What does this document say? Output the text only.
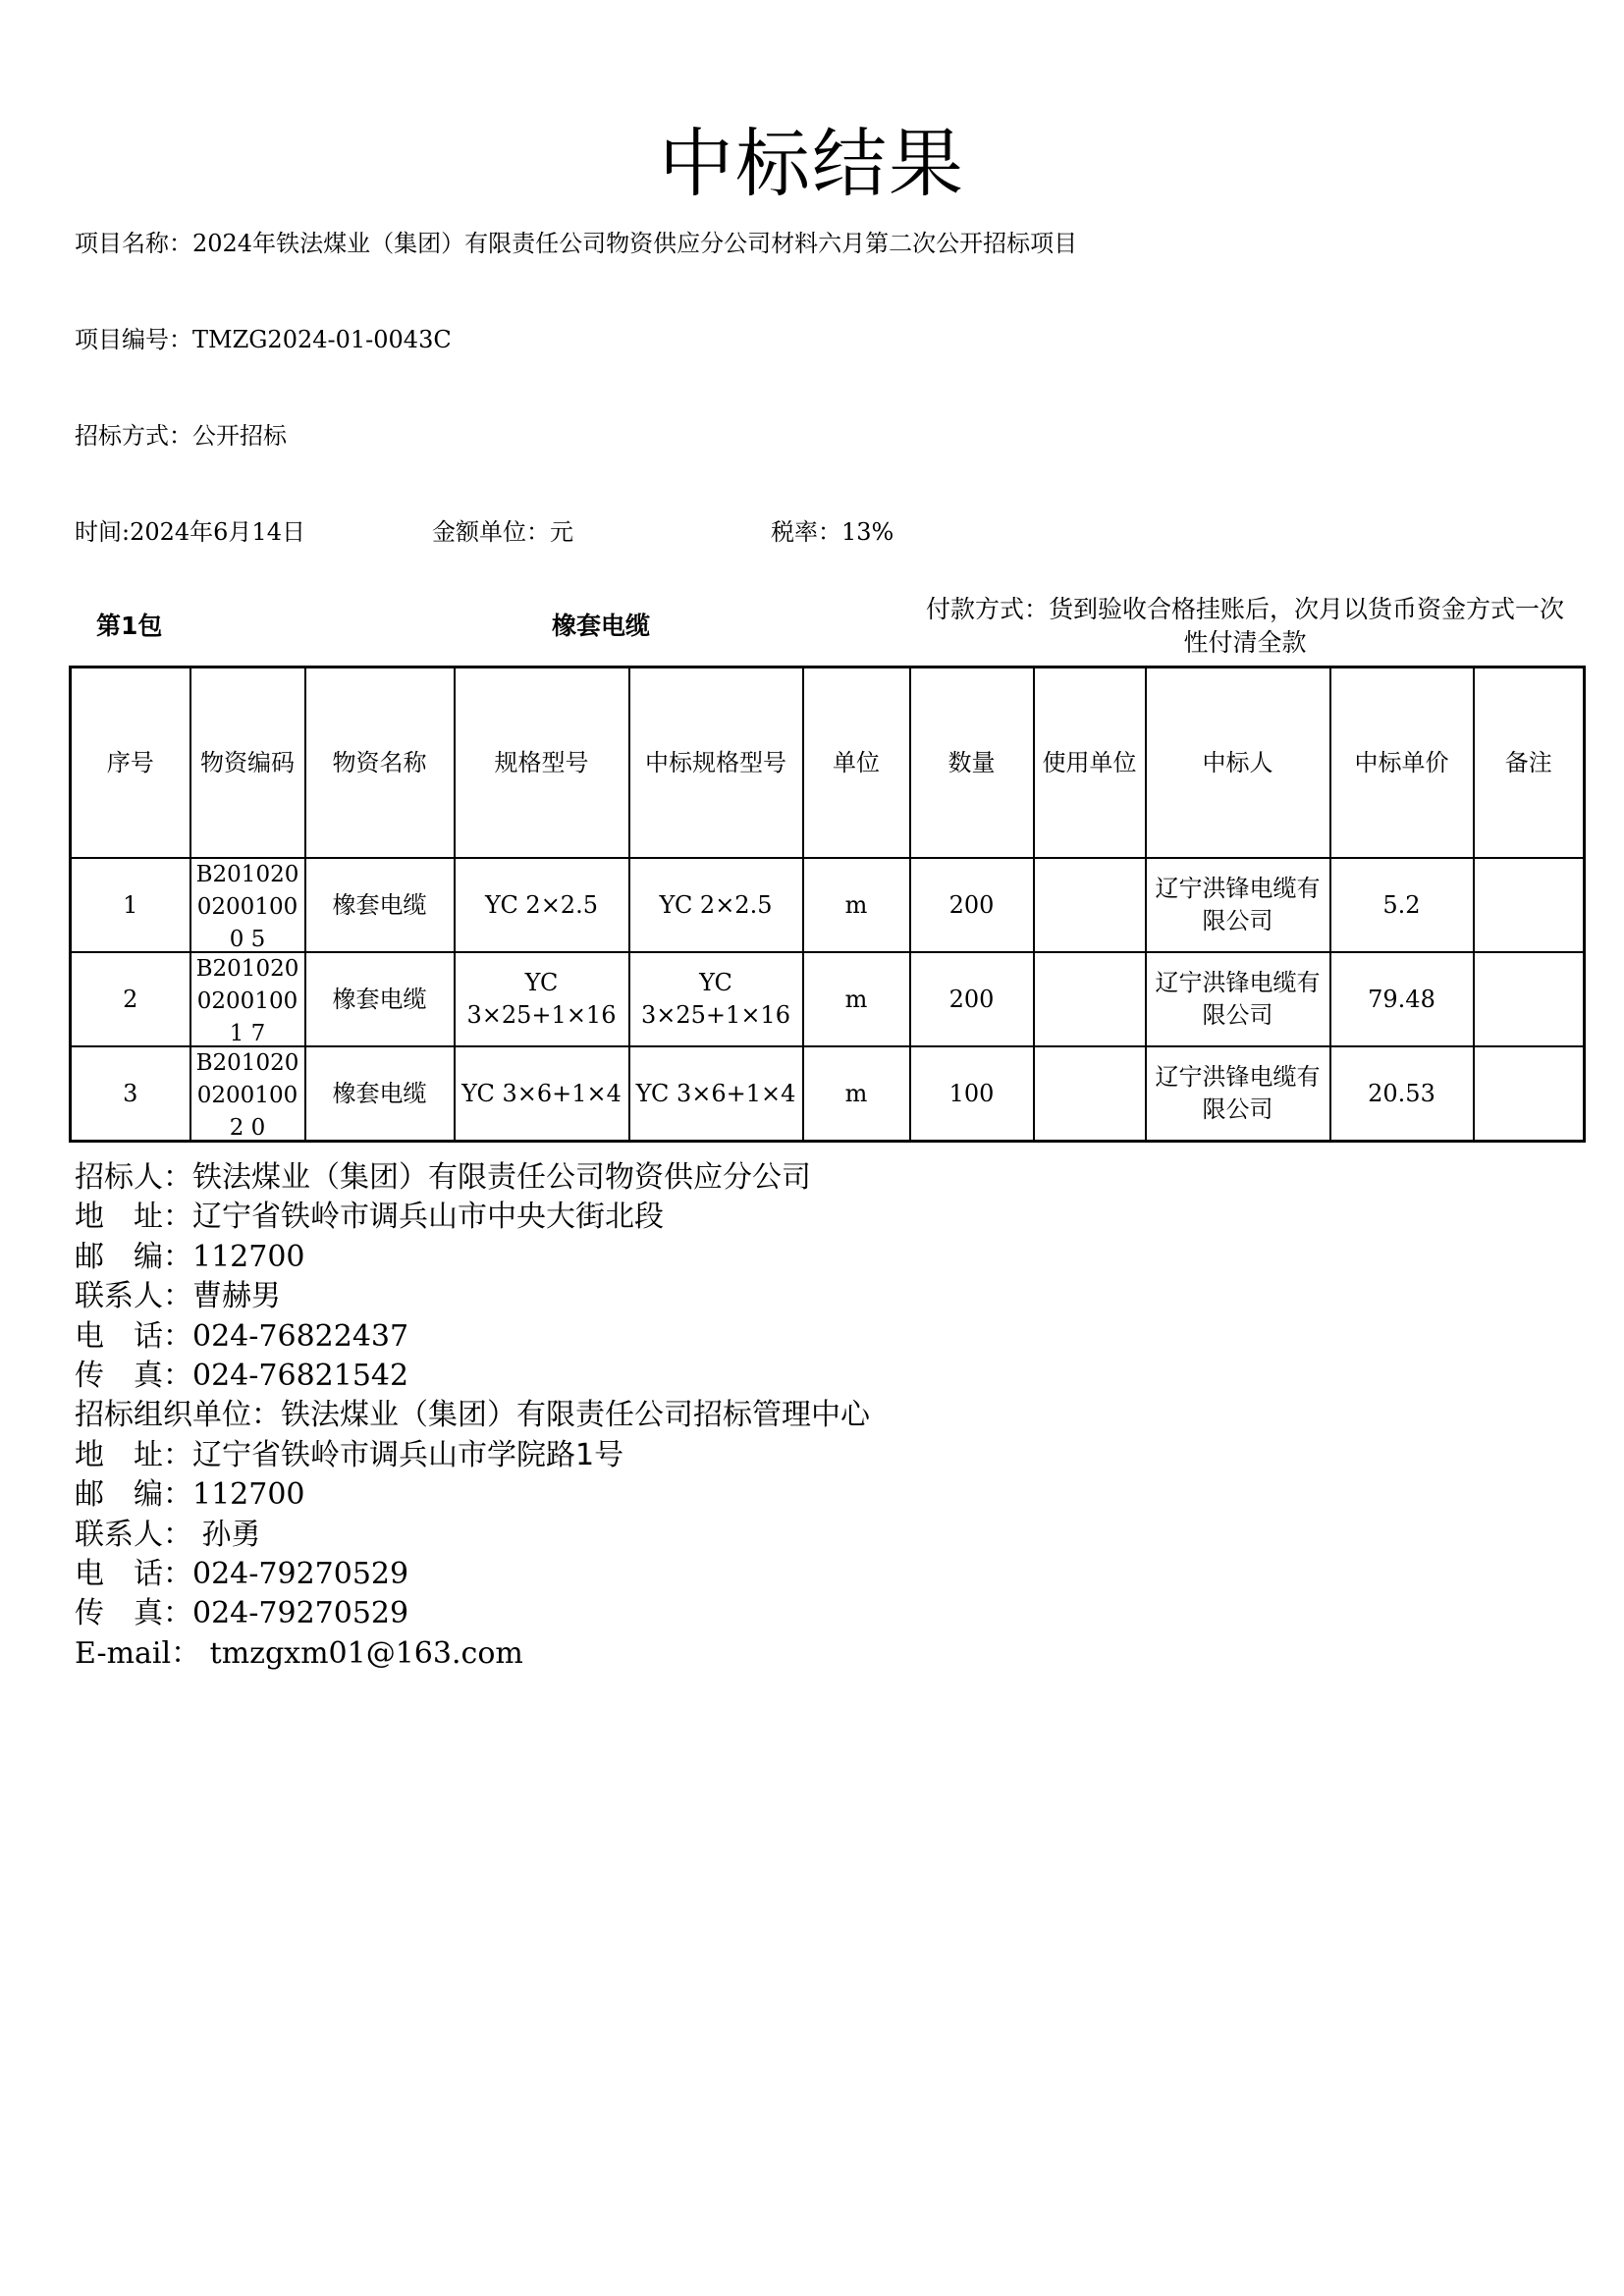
中标结果
项目名称：2024年铁法煤业（集团）有限责任公司物资供应分公司材料六月第二次公开招标项目
项目编号：TMZG2024-01-0043C
招标方式：公开招标
时间:2024年6月14日	金额单位：元	税率：13%
第1包	橡套电缆
付款方式：货到验收合格挂账后，次月以货币资金方式一次性付清全款
序号	物资编码	物资名称	规格型号	中标规格型号	单位	数量	使用单位	中标人	中标单价	备注
1	B20102002001000 5	橡套电缆	YC 2×2.5	YC 2×2.5	m	200		辽宁洪锋电缆有限公司	5.2	
2	B20102002001001 7	橡套电缆	YC 3×25+1×16	YC 3×25+1×16	m	200		辽宁洪锋电缆有限公司	79.48	
3	B20102002001002 0	橡套电缆	YC 3×6+1×4	YC 3×6+1×4	m	100		辽宁洪锋电缆有限公司	20.53	
招标人：铁法煤业（集团）有限责任公司物资供应分公司
地　址：辽宁省铁岭市调兵山市中央大街北段
邮　编：112700
联系人：曹赫男
电　话：024-76822437
传　真：024-76821542
招标组织单位：铁法煤业（集团）有限责任公司招标管理中心
地　址：辽宁省铁岭市调兵山市学院路1号
邮　编：112700
联系人： 孙勇
电　话：024-79270529
传　真：024-79270529
E-mail： tmzgxm01@163.com
